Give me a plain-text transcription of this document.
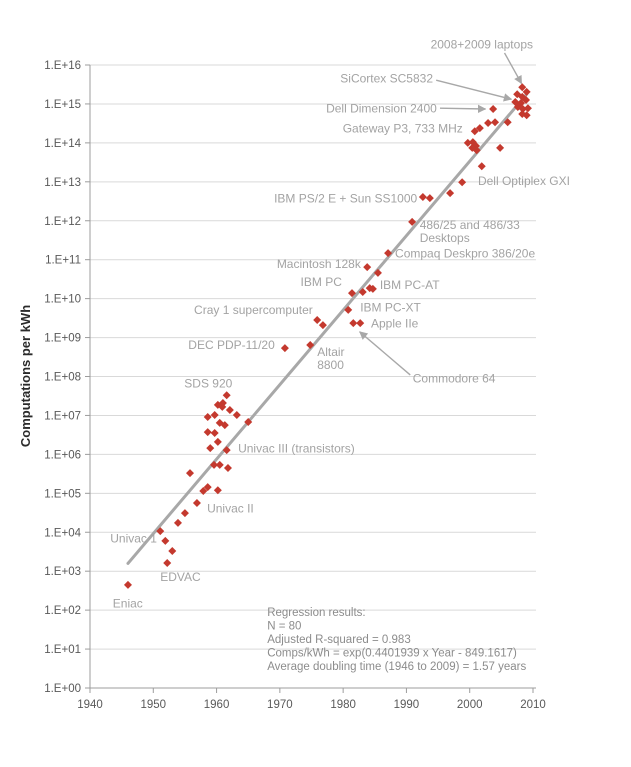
1.E+00
1.E+01
1.E+02
1.E+03
1.E+04
1.E+05
1.E+06
1.E+07
1.E+08
1.E+09
1.E+10
1.E+11
1.E+12
1.E+13
1.E+14
1.E+15
1.E+16
1940	1950	1960	1970	1980	1990	2000	2010
Computations per kWh
2008+2009 laptops
SiCortex SC5832
Dell Dimension 2400
Gateway P3, 733 MHz
Dell Optiplex GXI
IBM PS/2 E + Sun SS1000
486/25 and 486/33
Desktops
Compaq Deskpro 386/20e
Macintosh 128k
IBM PC	IBM PC-AT
IBM PC-XT
Apple IIe
Cray 1 supercomputer
Altair
8800
Commodore 64
DEC PDP-11/20
SDS 920
Univac III (transistors)
Univac II
Univac 1
EDVAC
Eniac
Regression results:
N = 80
Adjusted R-squared = 0.983
Comps/kWh = exp(0.4401939 x Year - 849.1617)
Average doubling time (1946 to 2009) = 1.57 years
